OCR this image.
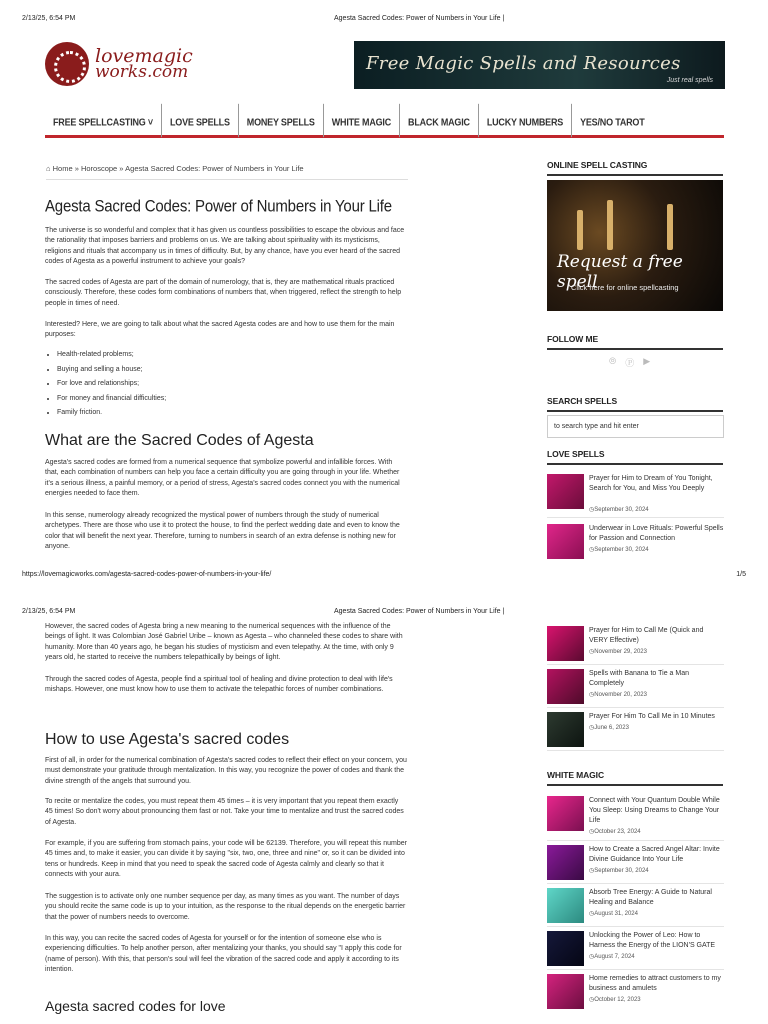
2/13/25, 6:54 PM	Agesta Sacred Codes: Power of Numbers in Your Life |
lovemagic
works.com	Free Magic Spells and Resources
Just real spells
FREE SPELLCASTING ˅	LOVE SPELLS	MONEY SPELLS	WHITE MAGIC	BLACK MAGIC	LUCKY NUMBERS	YES/NO TAROT
⌂ Home » Horoscope » Agesta Sacred Codes: Power of Numbers in Your Life
Agesta Sacred Codes: Power of Numbers in Your Life

The universe is so wonderful and complex that it has given us countless possibilities to escape the obvious and face the rationality that imposes barriers and problems on us. We are talking about spirituality with its mysticisms, religions and rituals that accompany us in times of difficulty. But, by any chance, have you ever heard of the sacred codes of Agesta as a powerful instrument to achieve your goals?

The sacred codes of Agesta are part of the domain of numerology, that is, they are mathematical rituals practiced consciously. Therefore, these codes form combinations of numbers that, when triggered, reflect the strength to help people in times of need.

Interested? Here, we are going to talk about what the sacred Agesta codes are and how to use them for the main purposes:

• Health-related problems;
• Buying and selling a house;
• For love and relationships;
• For money and financial difficulties;
• Family friction.
What are the Sacred Codes of Agesta

Agesta's sacred codes are formed from a numerical sequence that symbolize powerful and infallible forces. With that, each combination of numbers can help you face a certain difficulty you are going through in your life. Whether it's a serious illness, a painful memory, or a period of stress, Agesta's sacred codes connect you with the numerical energies needed to face them.

In this sense, numerology already recognized the mystical power of numbers through the study of numerical archetypes. There are those who use it to protect the house, to find the perfect wedding date and even to know the color that will benefit the next year. Therefore, turning to numbers in search of an extra defense is nothing new for anyone.

ONLINE SPELL CASTING
Request a free spell
Click here for online spellcasting
FOLLOW ME
⦾ Ⓟ ▶
SEARCH SPELLS
to search type and hit enter
LOVE SPELLS
Prayer for Him to Dream of You Tonight, Search for You, and Miss You Deeply
◷ September 30, 2024
Underwear in Love Rituals: Powerful Spells for Passion and Connection
◷ September 30, 2024
https://lovemagicworks.com/agesta-sacred-codes-power-of-numbers-in-your-life/	1/5
2/13/25, 6:54 PM	Agesta Sacred Codes: Power of Numbers in Your Life |

However, the sacred codes of Agesta bring a new meaning to the numerical sequences with the influence of the beings of light. It was Colombian José Gabriel Uribe – known as Agesta – who channeled these codes to share with humanity. More than 40 years ago, he began his studies of mysticism and even telepathy. At the time, with only 9 years old, he started to receive the numbers telepathically by beings of light.

Through the sacred codes of Agesta, people find a spiritual tool of healing and divine protection to deal with life's mishaps. However, one must know how to use them to activate the telepathic forces of number combinations.

How to use Agesta's sacred codes

First of all, in order for the numerical combination of Agesta's sacred codes to reflect their effect on your concern, you must demonstrate your gratitude through mentalization. In this way, you recognize the power of codes and thank the divine strength of the angels that surround you.

To recite or mentalize the codes, you must repeat them 45 times – it is very important that you repeat them exactly 45 times! So don't worry about pronouncing them fast or not. Take your time to mentalize and trust the sacred codes of Agesta.

For example, if you are suffering from stomach pains, your code will be 62139. Therefore, you will repeat this number 45 times and, to make it easier, you can divide it by saying "six, two, one, three and nine" or, so it can be divided into tens or hundreds. Keep in mind that you need to speak the sacred code of Agesta calmly and clearly so that it connects with your aura.

The suggestion is to activate only one number sequence per day, as many times as you want. The number of days you should recite the same code is up to your intuition, as the response to the ritual depends on the energetic barrier that the power of numbers needs to overcome.

In this way, you can recite the sacred codes of Agesta for yourself or for the intention of someone else who is experiencing difficulties. To help another person, after mentalizing your thanks, you should say "I apply this code for (name of person). With this, that person's soul will feel the vibration of the sacred code and apply it according to its intention.

Agesta sacred codes for love
Prayer for Him to Call Me (Quick and VERY Effective)
◷ November 29, 2023
Spells with Banana to Tie a Man Completely
◷ November 20, 2023
Prayer For Him To Call Me in 10 Minutes
◷ June 6, 2023
WHITE MAGIC
Connect with Your Quantum Double While You Sleep: Using Dreams to Change Your Life
◷ October 23, 2024
How to Create a Sacred Angel Altar: Invite Divine Guidance Into Your Life
◷ September 30, 2024
Absorb Tree Energy: A Guide to Natural Healing and Balance
◷ August 31, 2024
Unlocking the Power of Leo: How to Harness the Energy of the LION'S GATE
◷ August 7, 2024
Home remedies to attract customers to my business and amulets
◷ October 12, 2023
